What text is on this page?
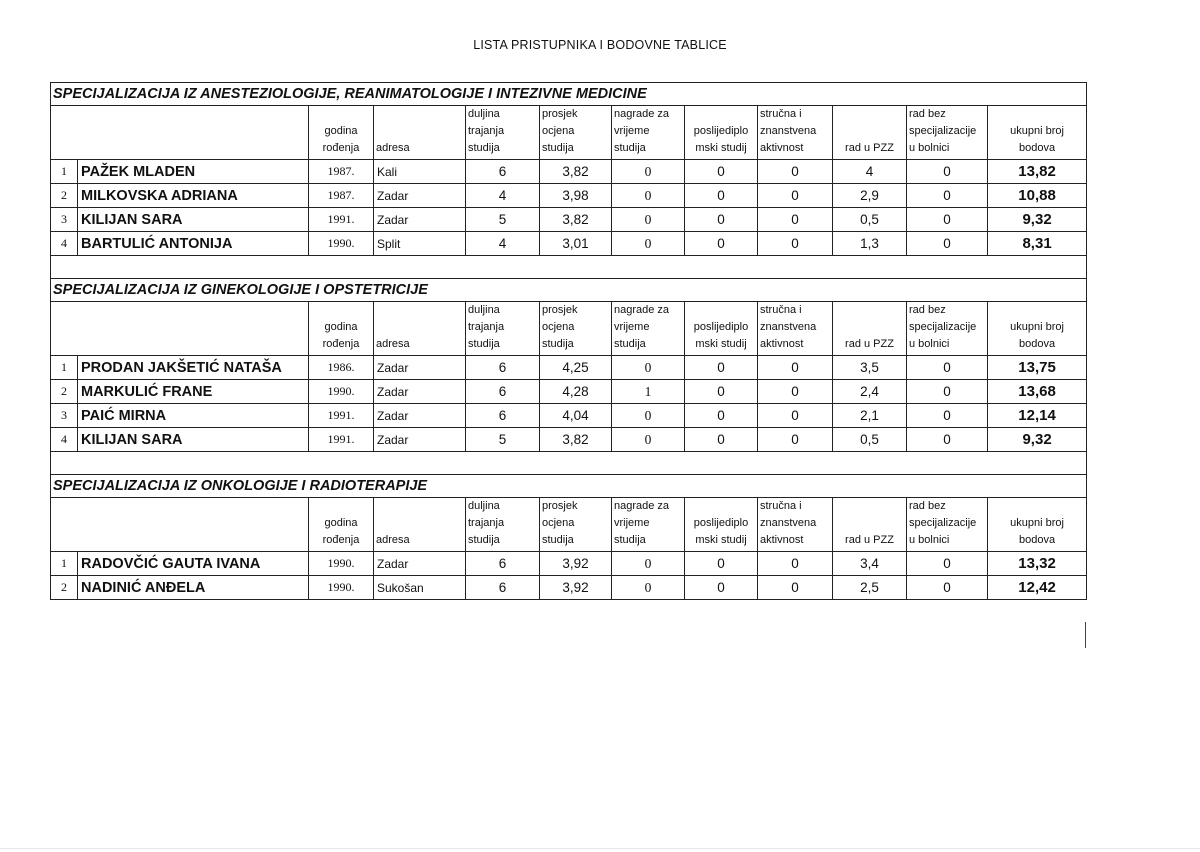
LISTA PRISTUPNIKA I BODOVNE TABLICE
SPECIJALIZACIJA IZ ANESTEZIOLOGIJE, REANIMATOLOGIJE I INTEZIVNE MEDICINE											
		godina rođenja	adresa	duljina trajanja studija	prosjek ocjena studija	nagrade za vrijeme studija	poslijediplo mski studij	stručna i znanstvena aktivnost	rad u PZZ	rad bez specijalizacije u bolnici	ukupni broj bodova
1	PAŽEK MLADEN	1987.	Kali	6	3,82	0	0	0	4	0	13,82
2	MILKOVSKA ADRIANA	1987.	Zadar	4	3,98	0	0	0	2,9	0	10,88
3	KILIJAN SARA	1991.	Zadar	5	3,82	0	0	0	0,5	0	9,32
4	BARTULIĆ ANTONIJA	1990.	Split	4	3,01	0	0	0	1,3	0	8,31

SPECIJALIZACIJA IZ GINEKOLOGIJE I OPSTETRICIJE											
		godina rođenja	adresa	duljina trajanja studija	prosjek ocjena studija	nagrade za vrijeme studija	poslijediplo mski studij	stručna i znanstvena aktivnost	rad u PZZ	rad bez specijalizacije u bolnici	ukupni broj bodova
1	PRODAN JAKŠETIĆ NATAŠA	1986.	Zadar	6	4,25	0	0	0	3,5	0	13,75
2	MARKULIĆ FRANE	1990.	Zadar	6	4,28	1	0	0	2,4	0	13,68
3	PAIĆ MIRNA	1991.	Zadar	6	4,04	0	0	0	2,1	0	12,14
4	KILIJAN SARA	1991.	Zadar	5	3,82	0	0	0	0,5	0	9,32

SPECIJALIZACIJA IZ ONKOLOGIJE I RADIOTERAPIJE											
		godina rođenja	adresa	duljina trajanja studija	prosjek ocjena studija	nagrade za vrijeme studija	poslijediplo mski studij	stručna i znanstvena aktivnost	rad u PZZ	rad bez specijalizacije u bolnici	ukupni broj bodova
1	RADOVČIĆ GAUTA IVANA	1990.	Zadar	6	3,92	0	0	0	3,4	0	13,32
2	NADINIĆ ANĐELA	1990.	Sukošan	6	3,92	0	0	0	2,5	0	12,42
